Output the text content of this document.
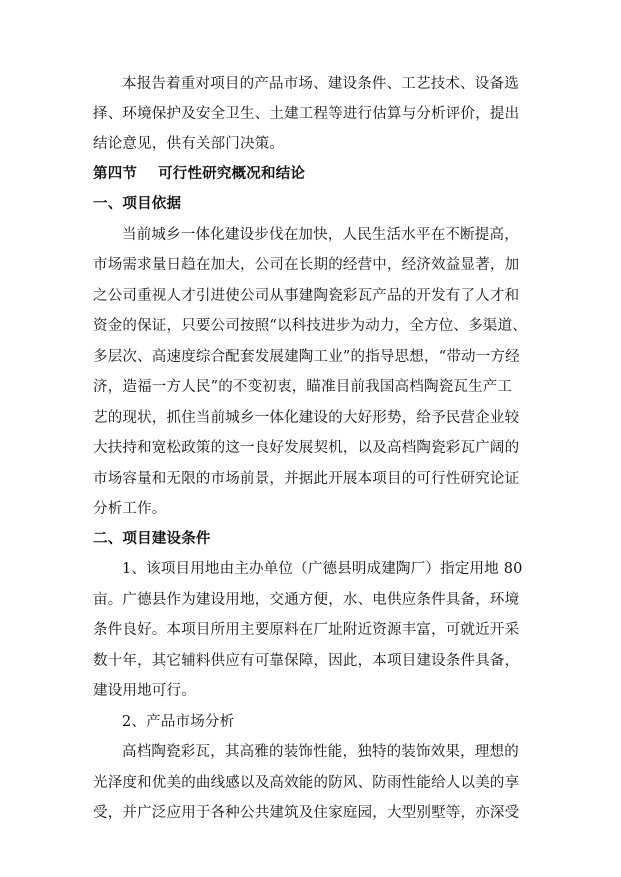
本报告着重对项目的产品市场、建设条件、工艺技术、设备选
择、环境保护及安全卫生、土建工程等进行估算与分析评价，提出
结论意见，供有关部门决策。
第四节    可行性研究概况和结论
一、项目依据
当前城乡一体化建设步伐在加快，人民生活水平在不断提高，
市场需求量日趋在加大，公司在长期的经营中，经济效益显著，加
之公司重视人才引进使公司从事建陶瓷彩瓦产品的开发有了人才和
资金的保证，只要公司按照“以科技进步为动力，全方位、多渠道、
多层次、高速度综合配套发展建陶工业”的指导思想，“带动一方经
济，造福一方人民”的不变初衷，瞄准目前我国高档陶瓷瓦生产工
艺的现状，抓住当前城乡一体化建设的大好形势，给予民营企业较
大扶持和宽松政策的这一良好发展契机，以及高档陶瓷彩瓦广阔的
市场容量和无限的市场前景，并据此开展本项目的可行性研究论证
分析工作。
二、项目建设条件
1、该项目用地由主办单位（广德县明成建陶厂）指定用地 80
亩。广德县作为建设用地，交通方便，水、电供应条件具备，环境
条件良好。本项目所用主要原料在厂址附近资源丰富，可就近开采
数十年，其它辅料供应有可靠保障，因此，本项目建设条件具备，
建设用地可行。
2、产品市场分析
高档陶瓷彩瓦，其高雅的装饰性能，独特的装饰效果，理想的
光泽度和优美的曲线感以及高效能的防风、防雨性能给人以美的享
受，并广泛应用于各种公共建筑及住家庭园，大型别墅等，亦深受
